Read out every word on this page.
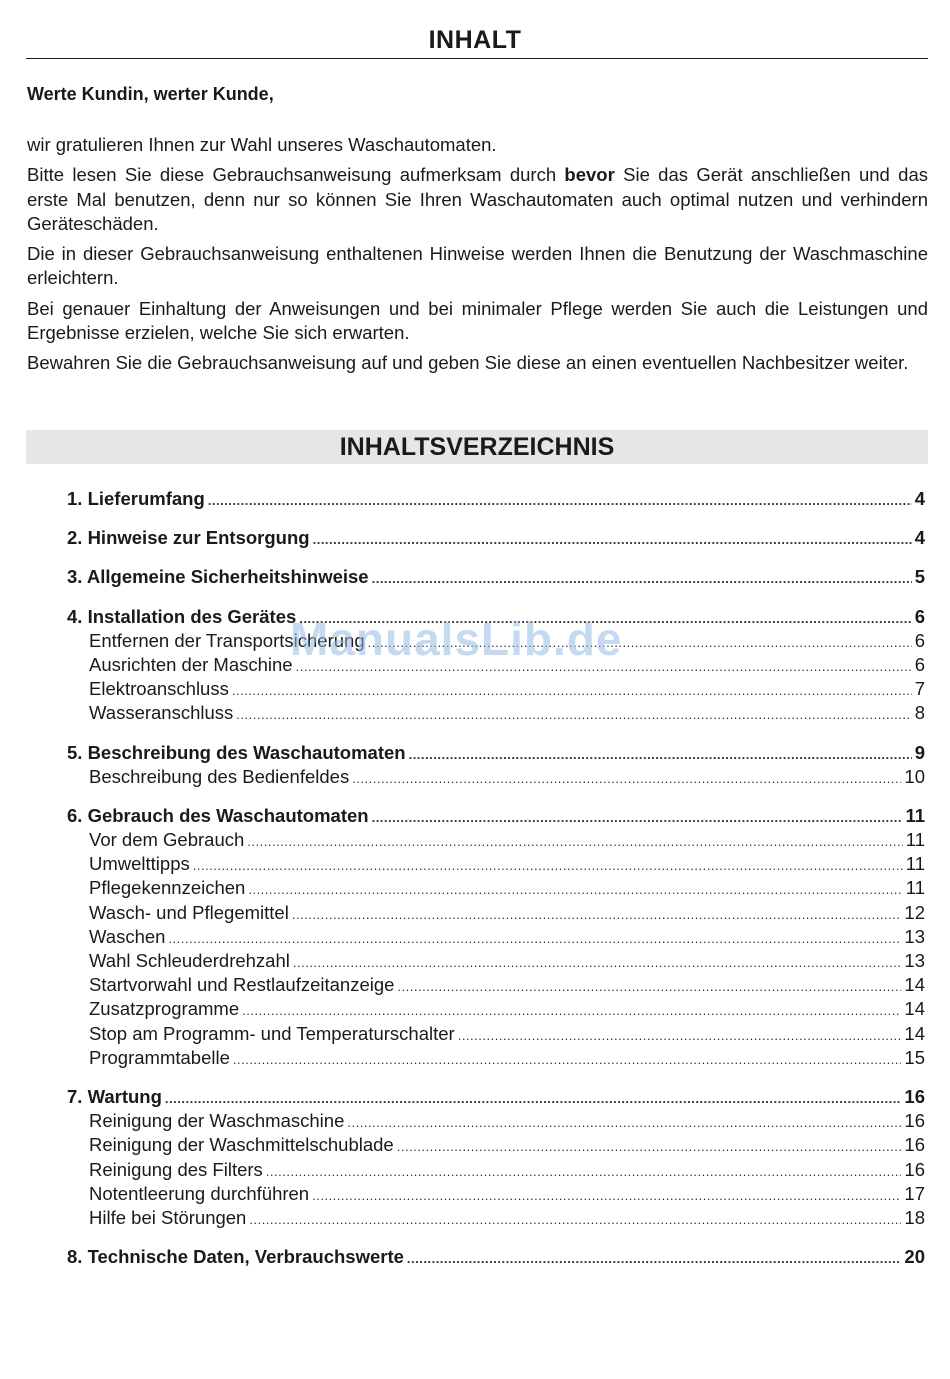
INHALT
Werte Kundin, werter Kunde,

wir gratulieren Ihnen zur Wahl unseres Waschautomaten.

Bitte lesen Sie diese Gebrauchsanweisung aufmerksam durch bevor Sie das Gerät anschließen und das erste Mal benutzen, denn nur so können Sie Ihren Waschautomaten auch optimal nutzen und verhindern Geräteschäden.

Die in dieser Gebrauchsanweisung enthaltenen Hinweise werden Ihnen die Benutzung der Waschmaschine erleichtern.

Bei genauer Einhaltung der Anweisungen und bei minimaler Pflege werden Sie auch die Leistungen und Ergebnisse erzielen, welche Sie sich erwarten.

Bewahren Sie die Gebrauchsanweisung auf und geben Sie diese an einen eventuellen Nachbesitzer weiter.

INHALTSVERZEICHNIS
1. Lieferumfang .....	4
2. Hinweise zur Entsorgung .....	4
3. Allgemeine Sicherheitshinweise .....	5
4. Installation des Gerätes .....	6
Entfernen der Transportsicherung .....	6
Ausrichten der Maschine .....	6
Elektroanschluss .....	7
Wasseranschluss .....	8
5. Beschreibung des Waschautomaten .....	9
Beschreibung des Bedienfeldes .....	10
6. Gebrauch des Waschautomaten .....	11
Vor dem Gebrauch .....	11
Umwelttipps .....	11
Pflegekennzeichen .....	11
Wasch- und Pflegemittel .....	12
Waschen .....	13
Wahl Schleuderdrehzahl .....	13
Startvorwahl und Restlaufzeitanzeige .....	14
Zusatzprogramme .....	14
Stop am Programm- und Temperaturschalter .....	14
Programmtabelle .....	15
7. Wartung .....	16
Reinigung der Waschmaschine .....	16
Reinigung der Waschmittelschublade .....	16
Reinigung des Filters .....	16
Notentleerung durchführen .....	17
Hilfe bei Störungen .....	18
8. Technische Daten, Verbrauchswerte .....	20
ManualsLib.de
